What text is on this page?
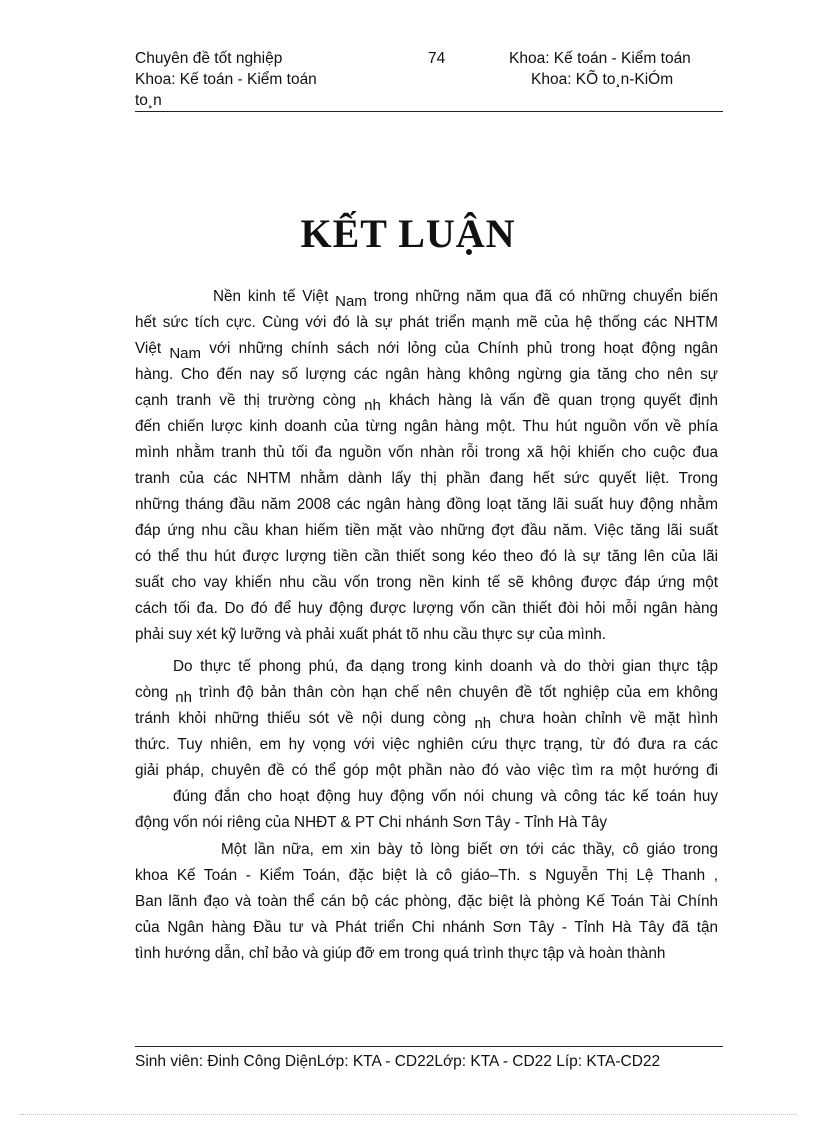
Chuyên đề tốt nghiệp	74	Khoa: Kế toán - Kiểm toán
Khoa: Kế toán - Kiểm toán	Khoa: KÕ to¸n-KiÓm
to¸n
KẾT LUẬN
Nền kinh tế Việt Nam trong những năm qua đã có những chuyển biến
hết sức tích cực. Cùng với đó là sự phát triển mạnh mẽ của hệ thống các NHTM
Việt Nam với những chính sách nới lỏng của Chính phủ trong hoạt động ngân
hàng. Cho đến nay số lượng các ngân hàng không ngừng gia tăng cho nên sự
cạnh tranh về thị trường còng nh khách hàng là vấn đề quan trọng quyết định
đến chiến lược kinh doanh của từng ngân hàng một. Thu hút nguồn vốn về phía
mình nhằm tranh thủ tối đa nguồn vốn nhàn rỗi trong xã hội khiến cho cuộc đua
tranh của các NHTM nhằm dành lấy thị phần đang hết sức quyết liệt. Trong
những tháng đầu năm 2008 các ngân hàng đồng loạt tăng lãi suất huy động nhằm
đáp ứng nhu cầu khan hiếm tiền mặt vào những đợt đầu năm. Việc tăng lãi suất
có thể thu hút được lượng tiền cần thiết song kéo theo đó là sự tăng lên của lãi
suất cho vay khiến nhu cầu vốn trong nền kinh tế sẽ không được đáp ứng một
cách tối đa. Do đó để huy động được lượng vốn cần thiết đòi hỏi mỗi ngân hàng
phải suy xét kỹ lưỡng và phải xuất phát tõ nhu cầu thực sự của mình.
Do thực tế phong phú, đa dạng trong kinh doanh và do thời gian thực tập
còng nh trình độ bản thân còn hạn chế nên chuyên đề tốt nghiệp của em không
tránh khỏi những thiếu sót về nội dung còng nh chưa hoàn chỉnh về mặt hình
thức. Tuy nhiên, em hy vọng với việc nghiên cứu thực trạng, từ đó đưa ra các
giải pháp, chuyên đề có thể góp một phần nào đó vào việc tìm ra một hướng đi
đúng đắn cho hoạt động huy động vốn nói chung và công tác kế toán huy
động vốn nói riêng của NHĐT & PT Chi nhánh Sơn Tây - Tỉnh Hà Tây
Một lần nữa, em xin bày tỏ lòng biết ơn tới các thầy, cô giáo trong
khoa Kế Toán - Kiểm Toán, đặc biệt là cô giáo–Th. s Nguyễn Thị Lệ Thanh ,
Ban lãnh đạo và toàn thể cán bộ các phòng, đặc biệt là phòng Kế Toán Tài Chính
của Ngân hàng Đầu tư và Phát triển Chi nhánh Sơn Tây - Tỉnh Hà Tây đã tận
tình hướng dẫn, chỉ bảo và giúp đỡ em trong quá trình thực tập và hoàn thành
Sinh viên: Đinh Công DiệnLớp: KTA - CD22Lớp: KTA - CD22 Líp: KTA-CD22
